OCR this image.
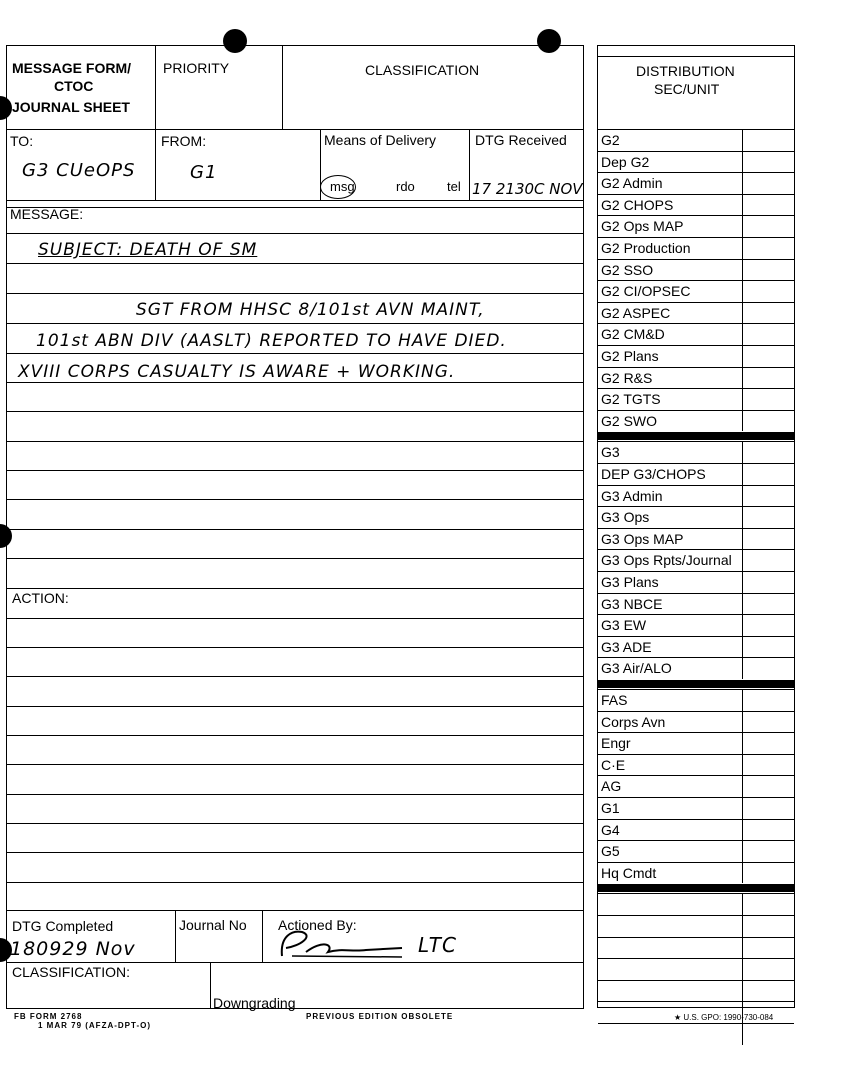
MESSAGE FORM/
CTOC
JOURNAL SHEET
PRIORITY	CLASSIFICATION
TO:
G3 CUeOPS
FROM:
G1
Means of Delivery
msg	rdo tel
DTG Received
17 2130C NOV
MESSAGE:
SUBJECT: DEATH OF SM
SGT FROM HHSC 8/101st AVN MAINT,
101st ABN DIV (AASLT) REPORTED TO HAVE DIED.
XVIII CORPS CASUALTY IS AWARE + WORKING.
ACTION:
DTG Completed
180929 Nov
Journal No Actioned By:
LTC
CLASSIFICATION:
Downgrading
FB FORM 2768
1 MAR 79 (AFZA-DPT-O)
PREVIOUS EDITION OBSOLETE	★ U.S. GPO: 1990-730-084
DISTRIBUTION
SEC/UNIT
G2
Dep G2
G2 Admin
G2 CHOPS
G2 Ops MAP
G2 Production
G2 SSO
G2 CI/OPSEC
G2 ASPEC
G2 CM&D
G2 Plans
G2 R&S
G2 TGTS
G2 SWO
G3
DEP G3/CHOPS
G3 Admin
G3 Ops
G3 Ops MAP
G3 Ops Rpts/Journal
G3 Plans
G3 NBCE
G3 EW
G3 ADE
G3 Air/ALO
FAS
Corps Avn
Engr
C·E
AG
G1
G4
G5
Hq Cmdt
